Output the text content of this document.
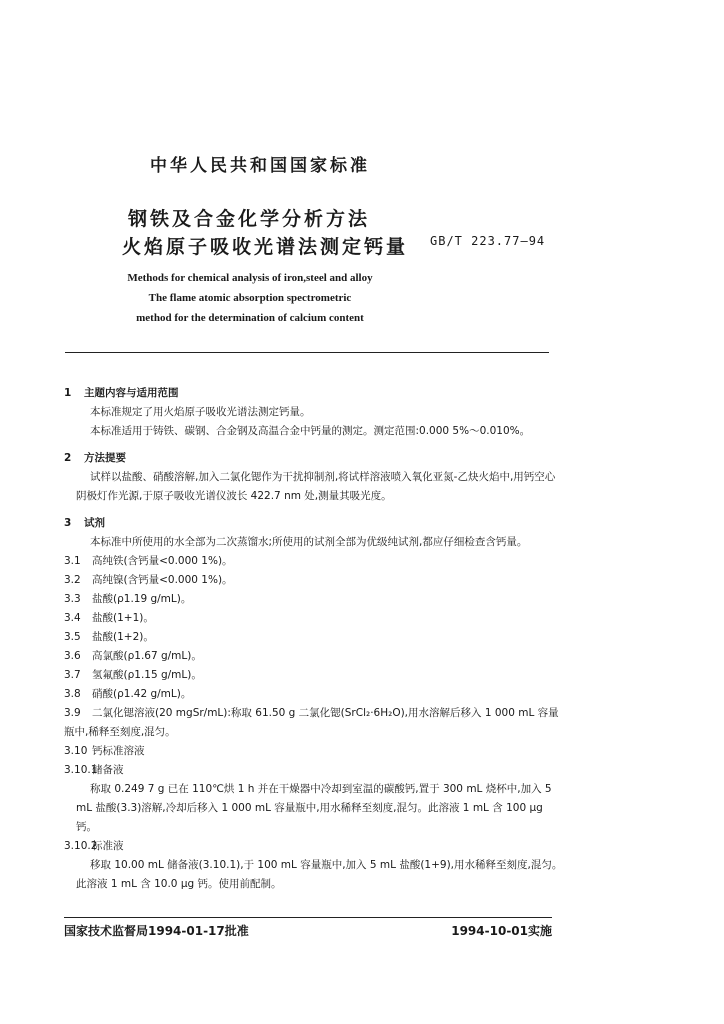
中华人民共和国国家标准
钢铁及合金化学分析方法
火焰原子吸收光谱法测定钙量 GB/T 223.77—94
Methods for chemical analysis of iron,steel and alloy
The flame atomic absorption spectrometric
method for the determination of calcium content
1 主题内容与适用范围
本标准规定了用火焰原子吸收光谱法测定钙量。
本标准适用于铸铁、碳钢、合金钢及高温合金中钙量的测定。测定范围:0.000 5%～0.010%。
2 方法提要
试样以盐酸、硝酸溶解,加入二氯化锶作为干扰抑制剂,将试样溶液喷入氧化亚氮-乙炔火焰中,用钙空心阴极灯作光源,于原子吸收光谱仪波长 422.7 nm 处,测量其吸光度。
3 试剂
本标准中所使用的水全部为二次蒸馏水;所使用的试剂全部为优级纯试剂,都应仔细检查含钙量。
3.1 高纯铁(含钙量<0.000 1%)。
3.2 高纯镍(含钙量<0.000 1%)。
3.3 盐酸(ρ1.19 g/mL)。
3.4 盐酸(1+1)。
3.5 盐酸(1+2)。
3.6 高氯酸(ρ1.67 g/mL)。
3.7 氢氟酸(ρ1.15 g/mL)。
3.8 硝酸(ρ1.42 g/mL)。
3.9 二氯化锶溶液(20 mgSr/mL):称取 61.50 g 二氯化锶(SrCl₂·6H₂O),用水溶解后移入 1 000 mL 容量瓶中,稀释至刻度,混匀。
3.10 钙标准溶液
3.10.1储备液
称取 0.249 7 g 已在 110℃烘 1 h 并在干燥器中冷却到室温的碳酸钙,置于 300 mL 烧杯中,加入 5 mL 盐酸(3.3)溶解,冷却后移入 1 000 mL 容量瓶中,用水稀释至刻度,混匀。此溶液 1 mL 含 100 μg 钙。
3.10.2标准液
移取 10.00 mL 储备液(3.10.1),于 100 mL 容量瓶中,加入 5 mL 盐酸(1+9),用水稀释至刻度,混匀。此溶液 1 mL 含 10.0 μg 钙。使用前配制。
国家技术监督局1994-01-17批准	1994-10-01实施
